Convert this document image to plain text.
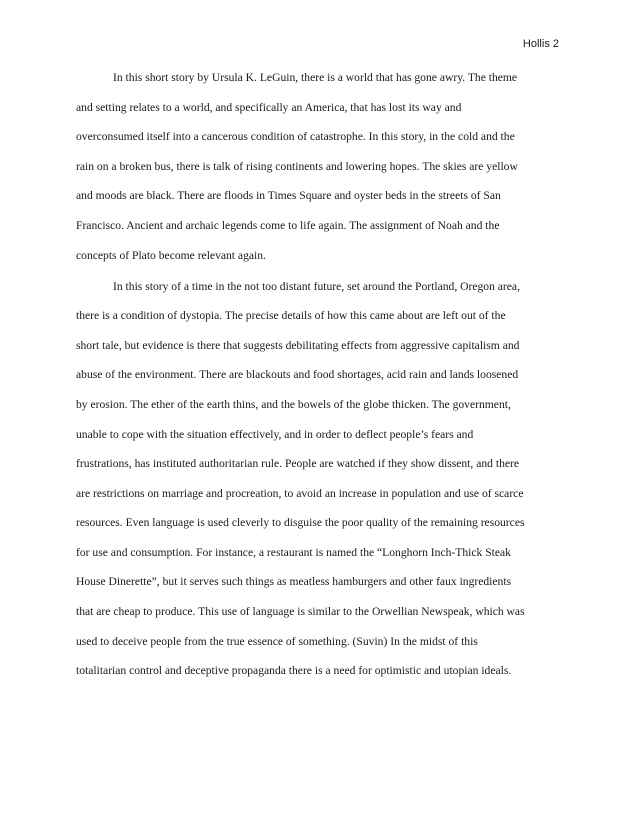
Hollis 2
In this short story by Ursula K. LeGuin, there is a world that has gone awry. The theme
and setting relates to a world, and specifically an America, that has lost its way and
overconsumed itself into a cancerous condition of catastrophe. In this story, in the cold and the
rain on a broken bus, there is talk of rising continents and lowering hopes. The skies are yellow
and moods are black. There are floods in Times Square and oyster beds in the streets of San
Francisco. Ancient and archaic legends come to life again. The assignment of Noah and the
concepts of Plato become relevant again.
In this story of a time in the not too distant future, set around the Portland, Oregon area,
there is a condition of dystopia. The precise details of how this came about are left out of the
short tale, but evidence is there that suggests debilitating effects from aggressive capitalism and
abuse of the environment. There are blackouts and food shortages, acid rain and lands loosened
by erosion. The ether of the earth thins, and the bowels of the globe thicken. The government,
unable to cope with the situation effectively, and in order to deflect people’s fears and
frustrations, has instituted authoritarian rule. People are watched if they show dissent, and there
are restrictions on marriage and procreation, to avoid an increase in population and use of scarce
resources. Even language is used cleverly to disguise the poor quality of the remaining resources
for use and consumption. For instance, a restaurant is named the “Longhorn Inch-Thick Steak
House Dinerette”, but it serves such things as meatless hamburgers and other faux ingredients
that are cheap to produce. This use of language is similar to the Orwellian Newspeak, which was
used to deceive people from the true essence of something. (Suvin) In the midst of this
totalitarian control and deceptive propaganda there is a need for optimistic and utopian ideals.
